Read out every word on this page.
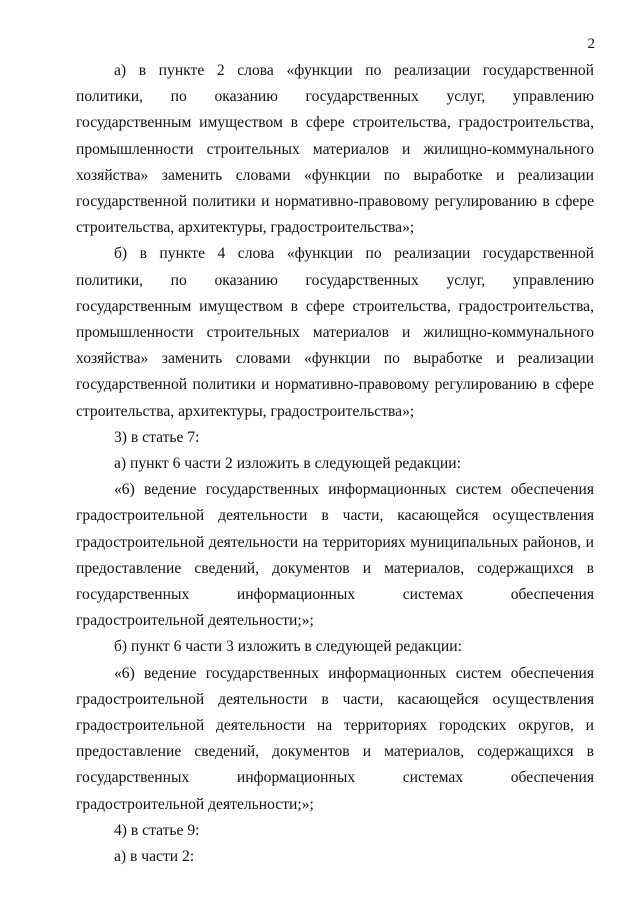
2

а) в пункте 2 слова «функции по реализации государственной политики, по оказанию государственных услуг, управлению государственным имуществом в сфере строительства, градостроительства, промышленности строительных материалов и жилищно-коммунального хозяйства» заменить словами «функции по выработке и реализации государственной политики и нормативно-правовому регулированию в сфере строительства, архитектуры, градостроительства»;

б) в пункте 4 слова «функции по реализации государственной политики, по оказанию государственных услуг, управлению государственным имуществом в сфере строительства, градостроительства, промышленности строительных материалов и жилищно-коммунального хозяйства» заменить словами «функции по выработке и реализации государственной политики и нормативно-правовому регулированию в сфере строительства, архитектуры, градостроительства»;

3) в статье 7:

а) пункт 6 части 2 изложить в следующей редакции:

«6) ведение государственных информационных систем обеспечения градостроительной деятельности в части, касающейся осуществления градостроительной деятельности на территориях муниципальных районов, и предоставление сведений, документов и материалов, содержащихся в государственных информационных системах обеспечения градостроительной деятельности;»;

б) пункт 6 части 3 изложить в следующей редакции:

«6) ведение государственных информационных систем обеспечения градостроительной деятельности в части, касающейся осуществления градостроительной деятельности на территориях городских округов, и предоставление сведений, документов и материалов, содержащихся в государственных информационных системах обеспечения градостроительной деятельности;»;

4) в статье 9:

а) в части 2:
